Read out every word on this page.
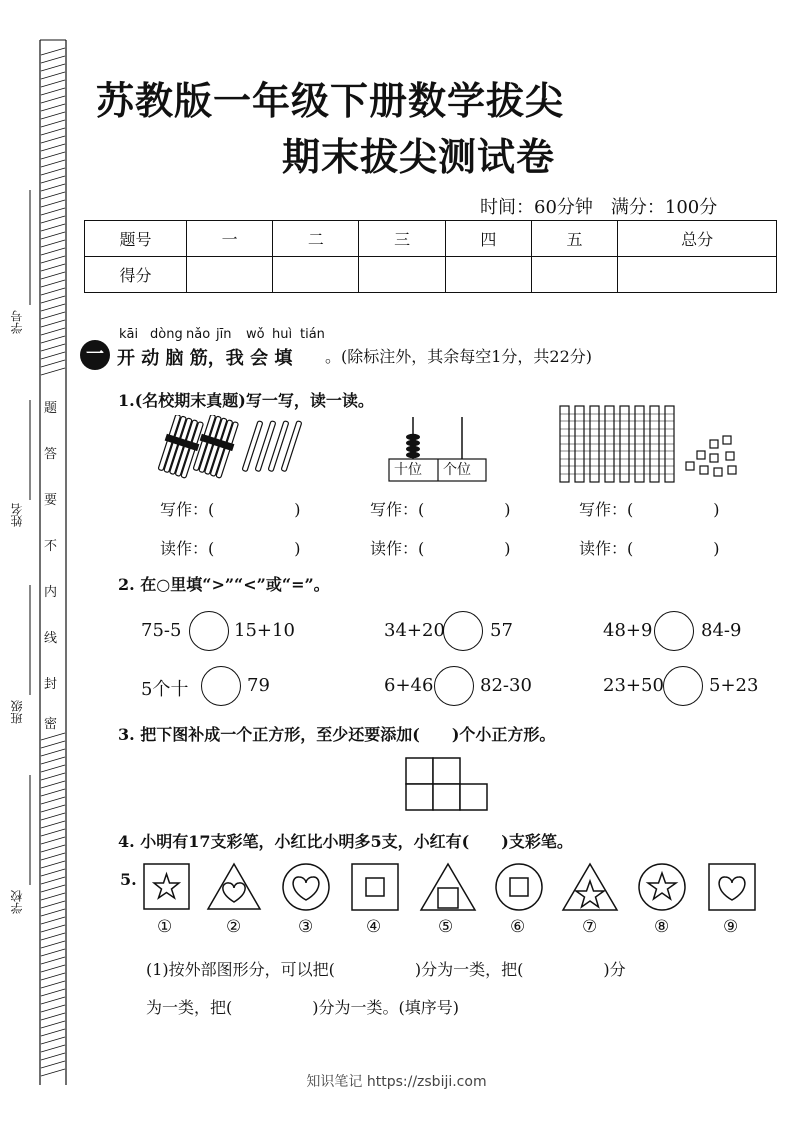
学号
姓名
班级
学校
题
答
要
不
内
线
封
密
苏教版一年级下册数学拔尖
期末拔尖测试卷
时间：60分钟　满分：100分
题号	一	二	三	四	五	总分
得分						
一
kāi dòng nǎo jīn wǒ huì tián
开 动 脑 筋，我 会 填 。(除标注外，其余每空1分，共22分)
1.(名校期末真题)写一写，读一读。
十位 个位
写作：(　　　　　)	写作：(　　　　　)	写作：(　　　　　)
读作：(　　　　　)	读作：(　　　　　)	读作：(　　　　　)
2. 在○里填“>”“<”或“=”。
75-5	15+10	34+20	57	48+9	84-9
5个十	79	6+46	82-30	23+50	5+23
3. 把下图补成一个正方形，至少还要添加(　　)个小正方形。
4. 小明有17支彩笔，小红比小明多5支，小红有(　　)支彩笔。
5.
①	②	③	④	⑤	⑥	⑦	⑧	⑨
(1)按外部图形分，可以把(　　　　　)分为一类，把(　　　　　)分
为一类，把(　　　　　)分为一类。(填序号)
知识笔记 https://zsbiji.com
